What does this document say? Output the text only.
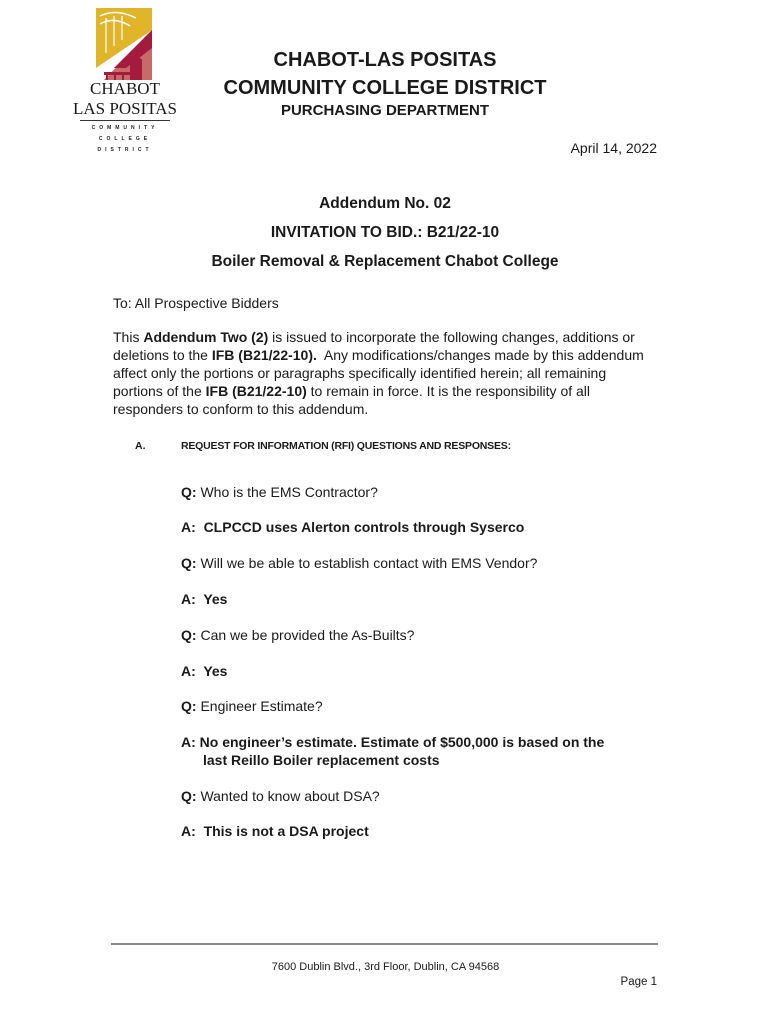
CHABOT
LAS POSITAS
COMMUNITY
COLLEGE
DISTRICT
CHABOT-LAS POSITAS
COMMUNITY COLLEGE DISTRICT
PURCHASING DEPARTMENT
April 14, 2022
Addendum No. 02
INVITATION TO BID.: B21/22-10
Boiler Removal & Replacement Chabot College
To: All Prospective Bidders
This Addendum Two (2) is issued to incorporate the following changes, additions or deletions to the IFB (B21/22-10).  Any modifications/changes made by this addendum affect only the portions or paragraphs specifically identified herein; all remaining portions of the IFB (B21/22-10) to remain in force. It is the responsibility of all responders to conform to this addendum.
A.	REQUEST FOR INFORMATION (RFI) QUESTIONS AND RESPONSES:
Q: Who is the EMS Contractor?
A: CLPCCD uses Alerton controls through Syserco
Q: Will we be able to establish contact with EMS Vendor?
A: Yes
Q: Can we be provided the As-Builts?
A: Yes
Q: Engineer Estimate?
A: No engineer’s estimate. Estimate of $500,000 is based on the
last Reillo Boiler replacement costs
Q: Wanted to know about DSA?
A: This is not a DSA project
7600 Dublin Blvd., 3rd Floor, Dublin, CA 94568
Page 1
